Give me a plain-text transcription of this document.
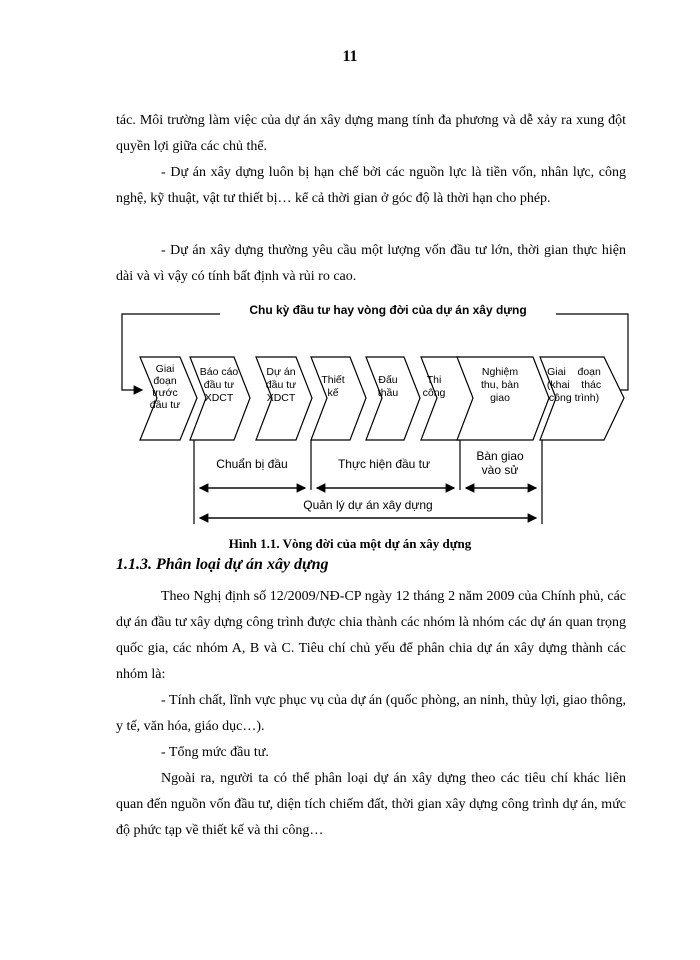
11

tác. Môi trường làm việc của dự án xây dựng mang tính đa phương và dễ xảy ra xung đột quyền lợi giữa các chủ thể.

- Dự án xây dựng luôn bị hạn chế bởi các nguồn lực là tiền vốn, nhân lực, công nghệ, kỹ thuật, vật tư thiết bị… kể cả thời gian ở góc độ là thời hạn cho phép.

- Dự án xây dựng thường yêu cầu một lượng vốn đầu tư lớn, thời gian thực hiện dài và vì vậy có tính bất định và rủi ro cao.

Chu kỳ đầu tư hay vòng đời của dự án xây dựng
Giai
đoạn
trước
đầu tư
Báo cáo
đầu tư
XDCT
Dự án
đầu tư
XDCT
Thiết
kế
Đấu
thầu
Thi
công
Nghiệm
thu, bàn
giao
Giai    đoạn
(khai    thác
công trình)
Chuẩn bị đầu	Thực hiện đầu tư
Bàn giao
vào sử
Quản lý dự án xây dựng
Hình 1.1. Vòng đời của một dự án xây dựng
1.1.3. Phân loại dự án xây dựng

Theo Nghị định số 12/2009/NĐ-CP ngày 12 tháng 2 năm 2009 của Chính phủ, các dự án đầu tư xây dựng công trình được chia thành các nhóm là nhóm các dự án quan trọng quốc gia, các nhóm A, B và C. Tiêu chí chủ yếu để phân chia dự án xây dựng thành các nhóm là:

- Tính chất, lĩnh vực phục vụ của dự án (quốc phòng, an ninh, thủy lợi, giao thông, y tế, văn hóa, giáo dục…).

- Tổng mức đầu tư.

Ngoài ra, người ta có thể phân loại dự án xây dựng theo các tiêu chí khác liên quan đến nguồn vốn đầu tư, diện tích chiếm đất, thời gian xây dựng công trình dự án, mức độ phức tạp về thiết kế và thi công…
